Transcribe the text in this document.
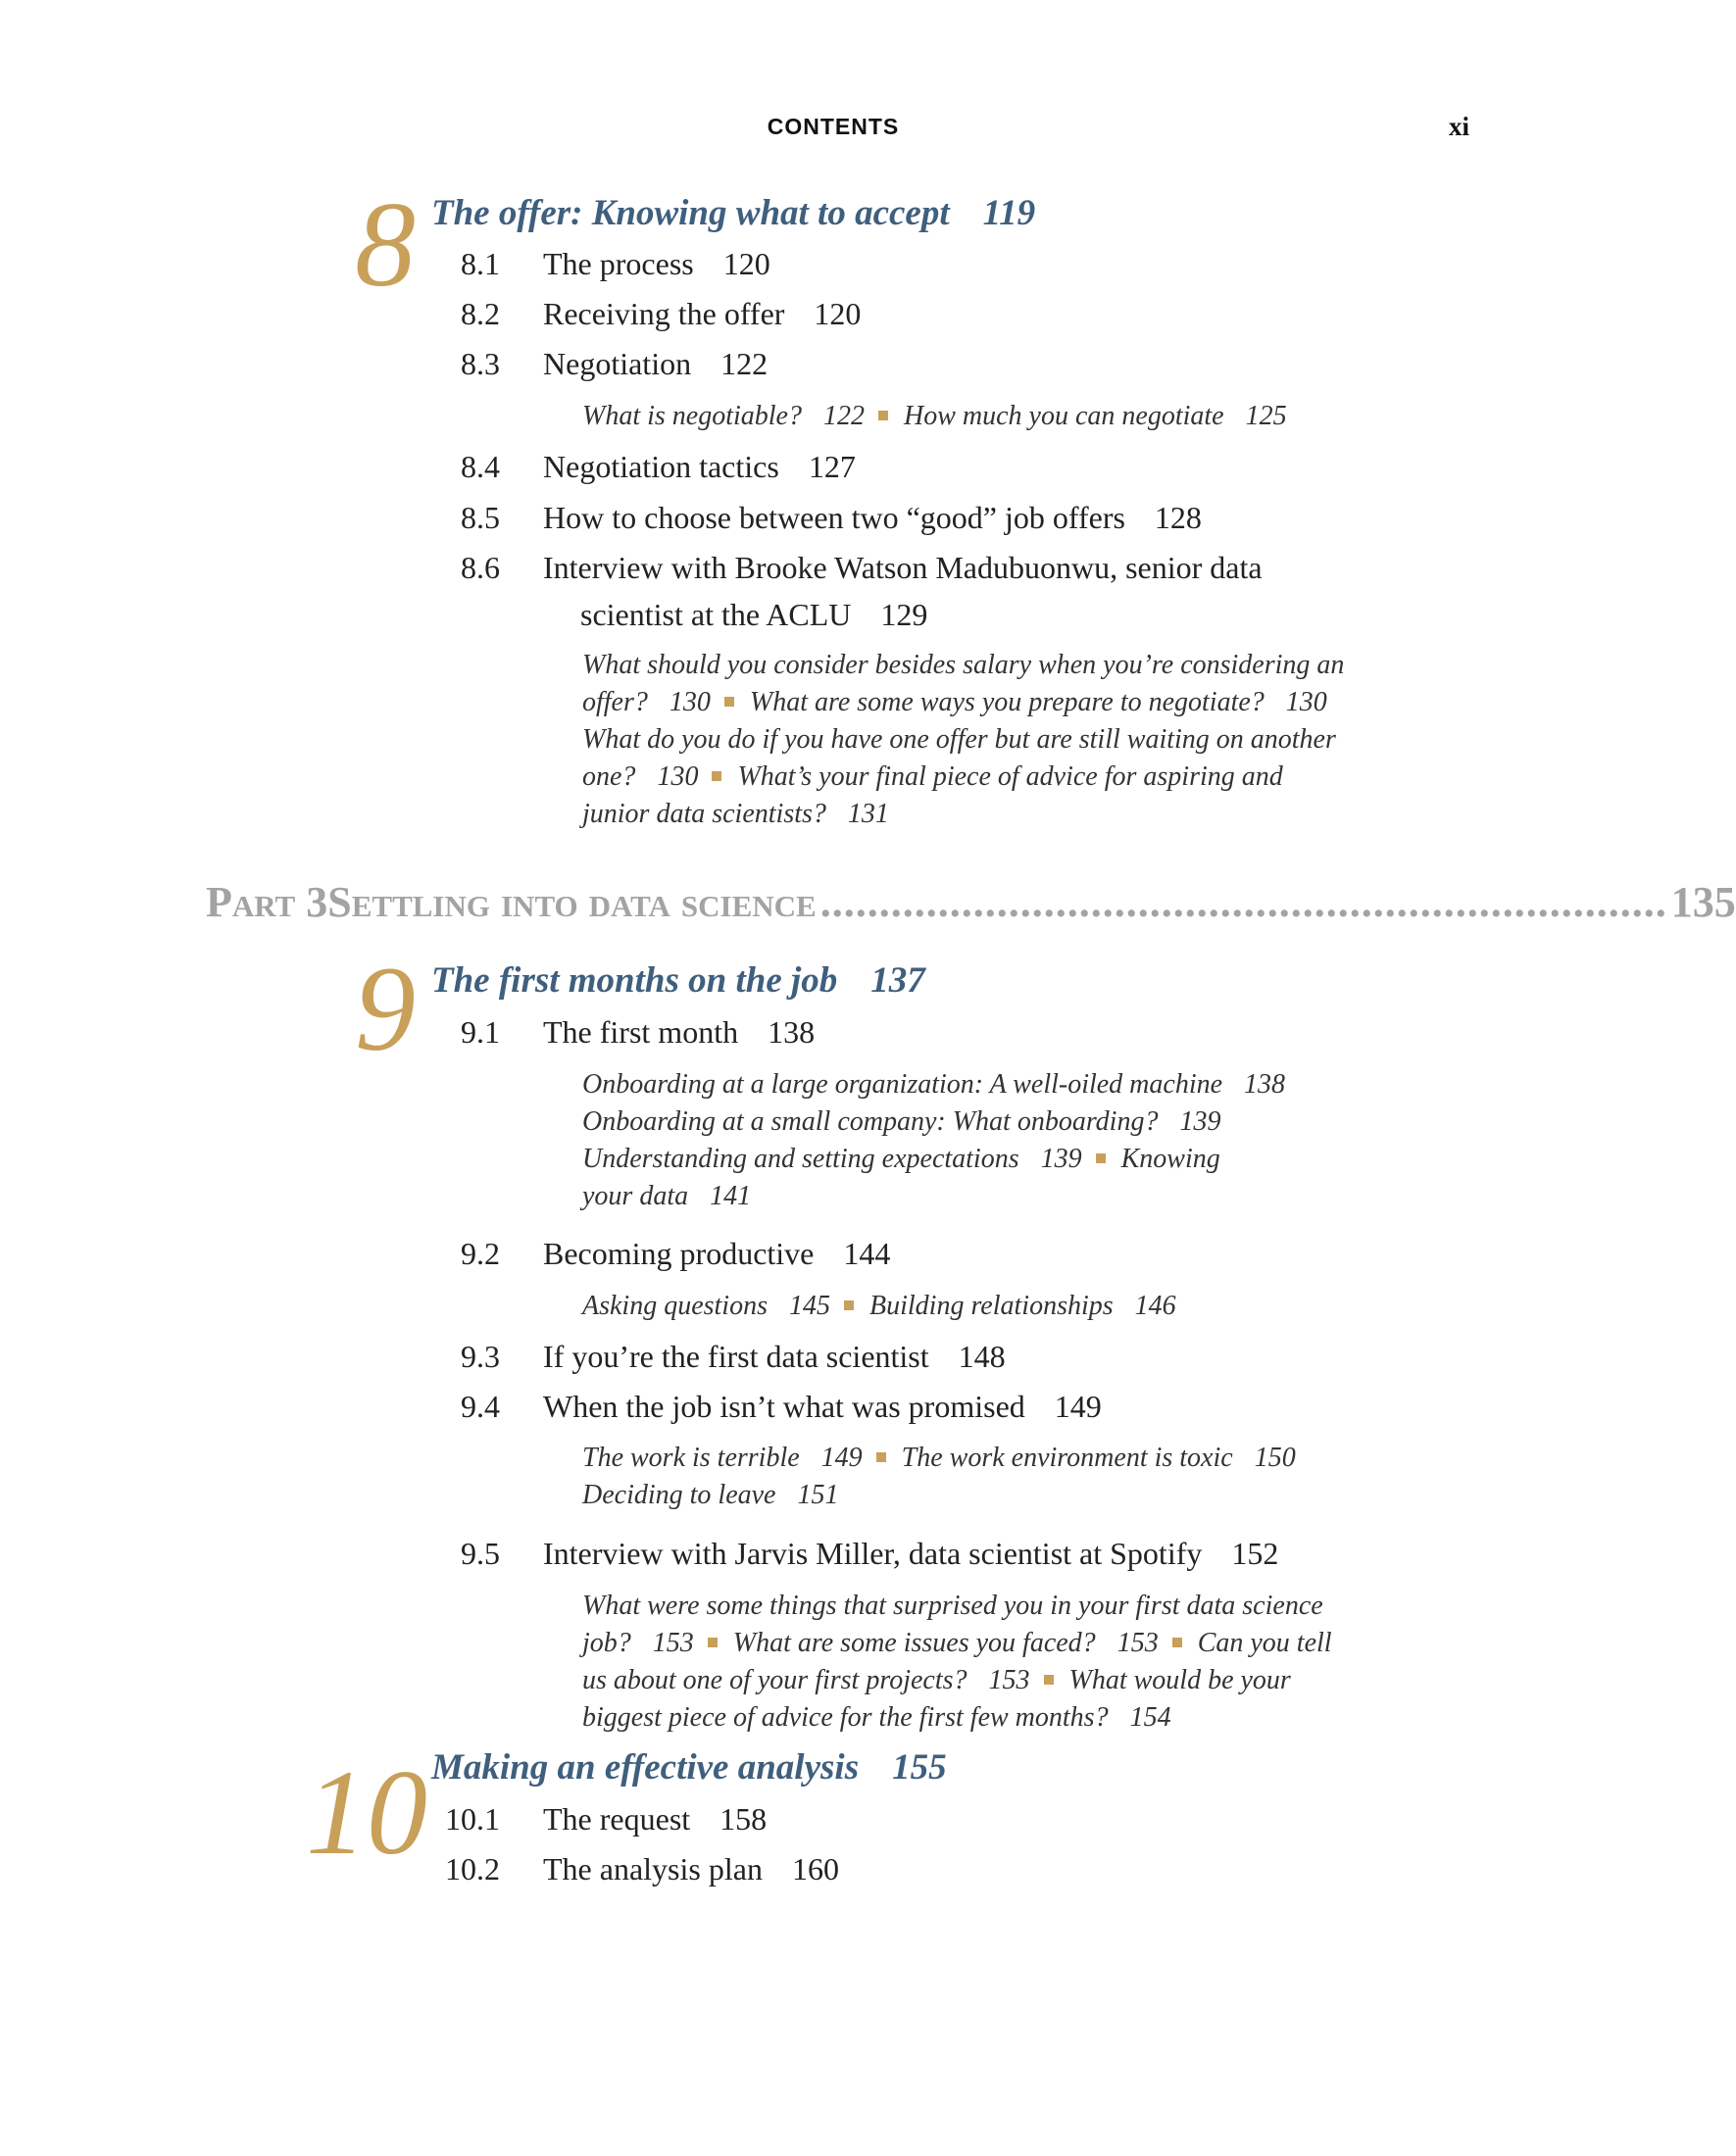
CONTENTS	xi
8 The offer: Knowing what to accept 119
8.1 The process 120
8.2 Receiving the offer 120
8.3 Negotiation 122
What is negotiable? 122 How much you can negotiate 125
8.4 Negotiation tactics 127
8.5 How to choose between two “good” job offers 128
8.6 Interview with Brooke Watson Madubuonwu, senior data
scientist at the ACLU 129
What should you consider besides salary when you’re considering an
offer? 130 What are some ways you prepare to negotiate? 130
What do you do if you have one offer but are still waiting on another
one? 130 What’s your final piece of advice for aspiring and
junior data scientists? 131
Part 3 Settling into data science ........................................................................ 135
9 The first months on the job 137
9.1 The first month 138
Onboarding at a large organization: A well-oiled machine 138
Onboarding at a small company: What onboarding? 139
Understanding and setting expectations 139 Knowing
your data 141
9.2 Becoming productive 144
Asking questions 145 Building relationships 146
9.3 If you’re the first data scientist 148
9.4 When the job isn’t what was promised 149
The work is terrible 149 The work environment is toxic 150
Deciding to leave 151
9.5 Interview with Jarvis Miller, data scientist at Spotify 152
What were some things that surprised you in your first data science
job? 153 What are some issues you faced? 153 Can you tell
us about one of your first projects? 153 What would be your
biggest piece of advice for the first few months? 154
10 Making an effective analysis 155
10.1 The request 158
10.2 The analysis plan 160
